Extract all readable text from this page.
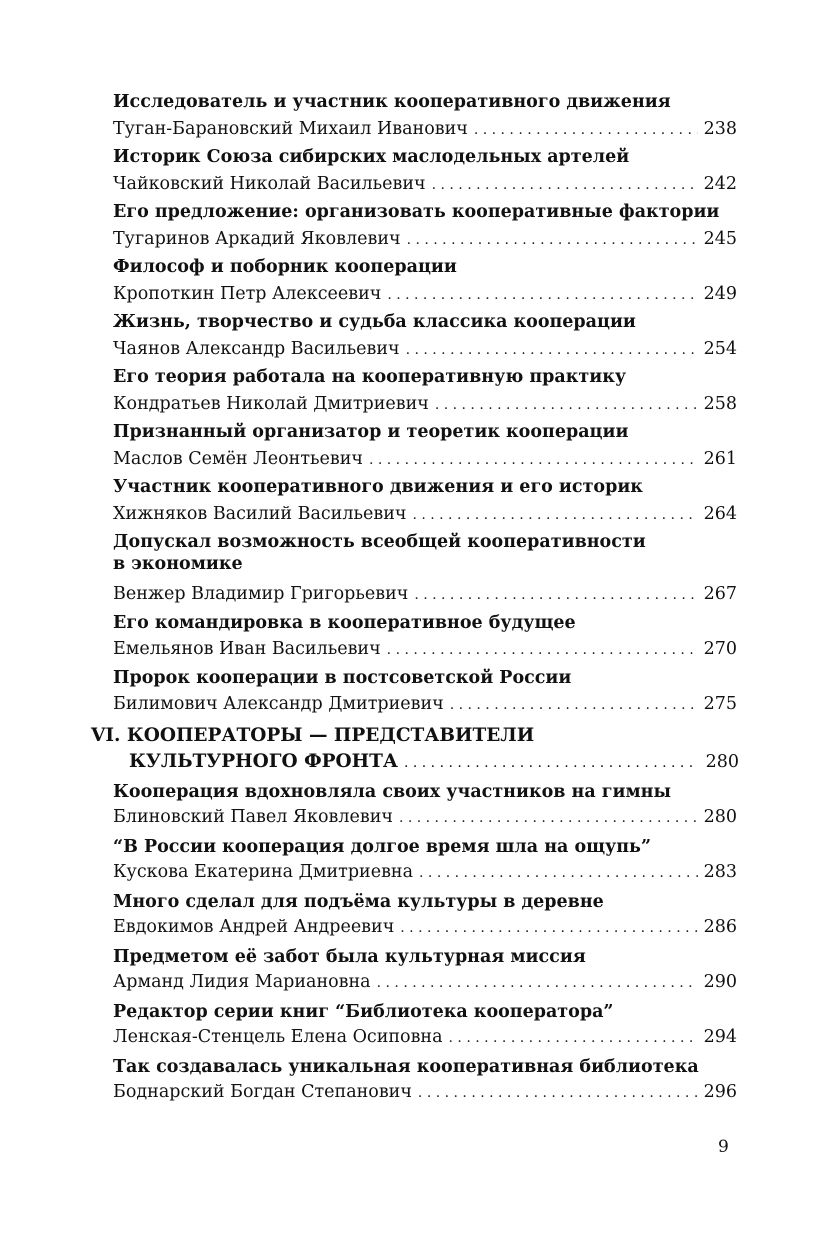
Исследователь и участник кооперативного движения
Туган-Барановский Михаил Иванович . . .	238
Историк Союза сибирских маслодельных артелей
Чайковский Николай Васильевич . . .	242
Его предложение: организовать кооперативные фактории
Тугаринов Аркадий Яковлевич . . .	245
Философ и поборник кооперации
Кропоткин Петр Алексеевич . . .	249
Жизнь, творчество и судьба классика кооперации
Чаянов Александр Васильевич . . .	254
Его теория работала на кооперативную практику
Кондратьев Николай Дмитриевич . . .	258
Признанный организатор и теоретик кооперации
Маслов Семён Леонтьевич . . .	261
Участник кооперативного движения и его историк
Хижняков Василий Васильевич . . .	264
Допускал возможность всеобщей кооперативности
в экономике
Венжер Владимир Григорьевич . . .	267
Его командировка в кооперативное будущее
Емельянов Иван Васильевич . . .	270
Пророк кооперации в постсоветской России
Билимович Александр Дмитриевич . . .	275
Кооперация вдохновляла своих участников на гимны
Блиновский Павел Яковлевич . . .	280
“В России кооперация долгое время шла на ощупь”
Кускова Екатерина Дмитриевна . . .	283
Много сделал для подъёма культуры в деревне
Евдокимов Андрей Андреевич . . .	286
Предметом её забот была культурная миссия
Арманд Лидия Мариановна . . .	290
Редактор серии книг “Библиотека кооператора”
Ленская-Стенцель Елена Осиповна . . .	294
Так создавалась уникальная кооперативная библиотека
Боднарский Богдан Степанович . . .	296
VI. КООПЕРАТОРЫ — ПРЕДСТАВИТЕЛИ
КУЛЬТУРНОГО ФРОНТА . . .	280
9
